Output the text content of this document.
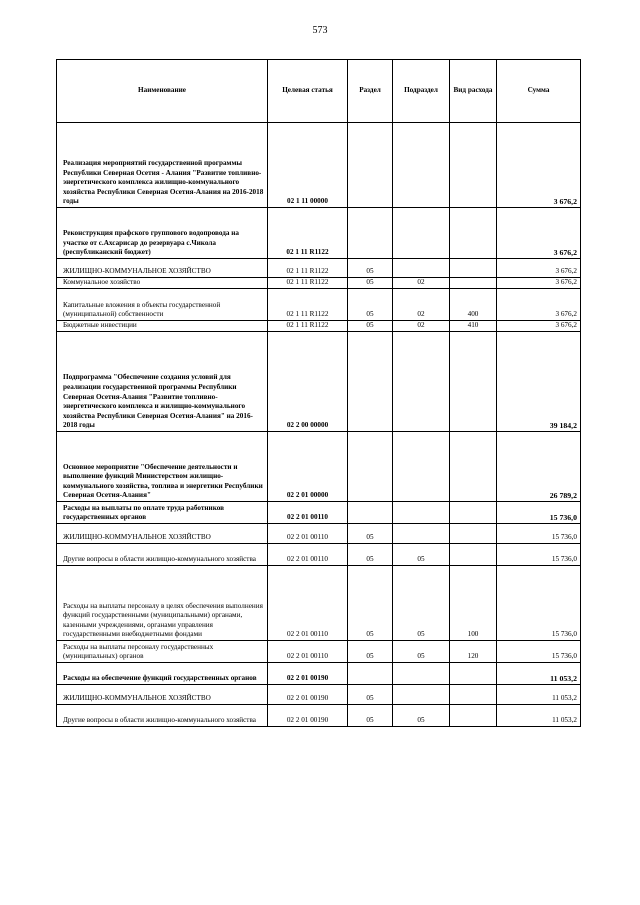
573
Наименование	Целевая статья	Раздел	Подраздел	Вид расхода	Сумма
Реализация мероприятий государственной программы Республики Северная Осетия - Алания "Развитие топливно-энергетического комплекса жилищно-коммунального хозяйства Республики Северная Осетия-Алания на 2016-2018 годы	02 1 11 00000				3 676,2
Реконструкция прафского группового водопровода на участке от с.Ахсарисар до резервуара с.Чиколa (республиканский бюджет)	02 1 11 R1122				3 676,2
ЖИЛИЩНО-КОММУНАЛЬНОЕ ХОЗЯЙСТВО	02 1 11 R1122	05			3 676,2
Коммунальное хозяйство	02 1 11 R1122	05	02		3 676,2
Капитальные вложения в объекты государственной (муниципальной) собственности	02 1 11 R1122	05	02	400	3 676,2
Бюджетные инвестиции	02 1 11 R1122	05	02	410	3 676,2
Подпрограмма "Обеспечение создания условий для реализации государственной программы Республики Северная Осетия-Алания "Развитие топливно-энергетического комплекса и жилищно-коммунального хозяйства Республики Северная Осетия-Алания" на 2016-2018 годы	02 2 00 00000				39 184,2
Основное мероприятие "Обеспечение деятельности и выполнение функций Министерством жилищно-коммунального хозяйства, топлива и энергетики Республики Северная Осетия-Алания"	02 2 01 00000				26 789,2
Расходы на выплаты по оплате труда работников государственных органов	02 2 01 00110				15 736,0
ЖИЛИЩНО-КОММУНАЛЬНОЕ ХОЗЯЙСТВО	02 2 01 00110	05			15 736,0
Другие вопросы в области жилищно-коммунального хозяйства	02 2 01 00110	05	05		15 736,0
Расходы на выплаты персоналу в целях обеспечения выполнения функций государственными (муниципальными) органами, казенными учреждениями, органами управления государственными внебюджетными фондами	02 2 01 00110	05	05	100	15 736,0
Расходы на выплаты персоналу государственных (муниципальных) органов	02 2 01 00110	05	05	120	15 736,0
Расходы на обеспечение функций государственных органов	02 2 01 00190				11 053,2
ЖИЛИЩНО-КОММУНАЛЬНОЕ ХОЗЯЙСТВО	02 2 01 00190	05			11 053,2
Другие вопросы в области жилищно-коммунального хозяйства	02 2 01 00190	05	05		11 053,2
